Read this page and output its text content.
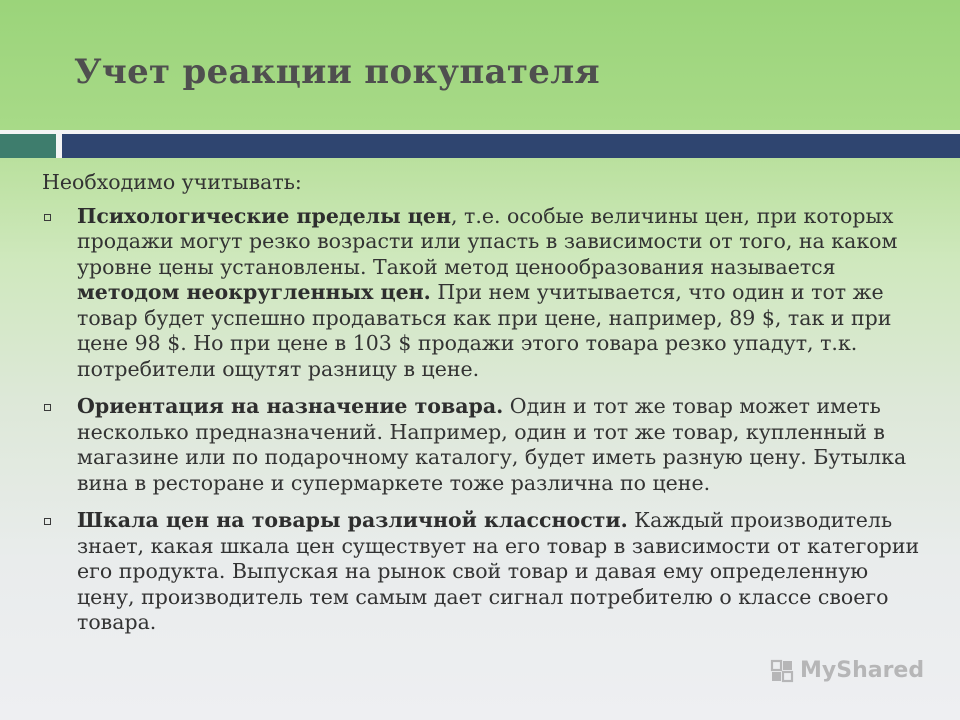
Учет реакции покупателя

Необходимо учитывать:

Психологические пределы цен, т.е. особые величины цен, при которых продажи могут резко возрасти или упасть в зависимости от того, на каком уровне цены установлены. Такой метод ценообразования называется методом неокругленных цен. При нем учитывается, что один и тот же товар будет успешно продаваться как при цене, например, 89 $, так и при цене 98 $. Но при цене в 103 $ продажи этого товара резко упадут, т.к. потребители ощутят разницу в цене.
Ориентация на назначение товара. Один и тот же товар может иметь несколько предназначений. Например, один и тот же товар, купленный в магазине или по подарочному каталогу, будет иметь разную цену. Бутылка вина в ресторане и супермаркете тоже различна по цене.
Шкала цен на товары различной классности. Каждый производитель знает, какая шкала цен существует на его товар в зависимости от категории его продукта. Выпуская на рынок свой товар и давая ему определенную цену, производитель тем самым дает сигнал потребителю о классе своего товара.
MyShared
